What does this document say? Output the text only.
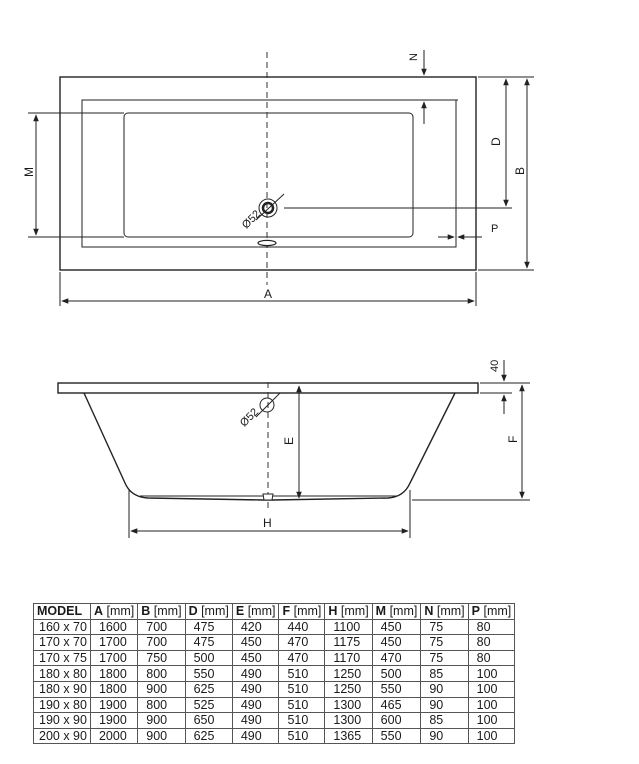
Ø52
A
B
D
N
M
P
Ø52
E
40
F
H
MODEL	A [mm]	B [mm]	D [mm]	E [mm]	F [mm]	H [mm]	M [mm]	N [mm]	P [mm]
160 x 70	1600	700	475	420	440	1100	450	75	80
170 x 70	1700	700	475	450	470	1175	450	75	80
170 x 75	1700	750	500	450	470	1170	470	75	80
180 x 80	1800	800	550	490	510	1250	500	85	100
180 x 90	1800	900	625	490	510	1250	550	90	100
190 x 80	1900	800	525	490	510	1300	465	90	100
190 x 90	1900	900	650	490	510	1300	600	85	100
200 x 90	2000	900	625	490	510	1365	550	90	100
